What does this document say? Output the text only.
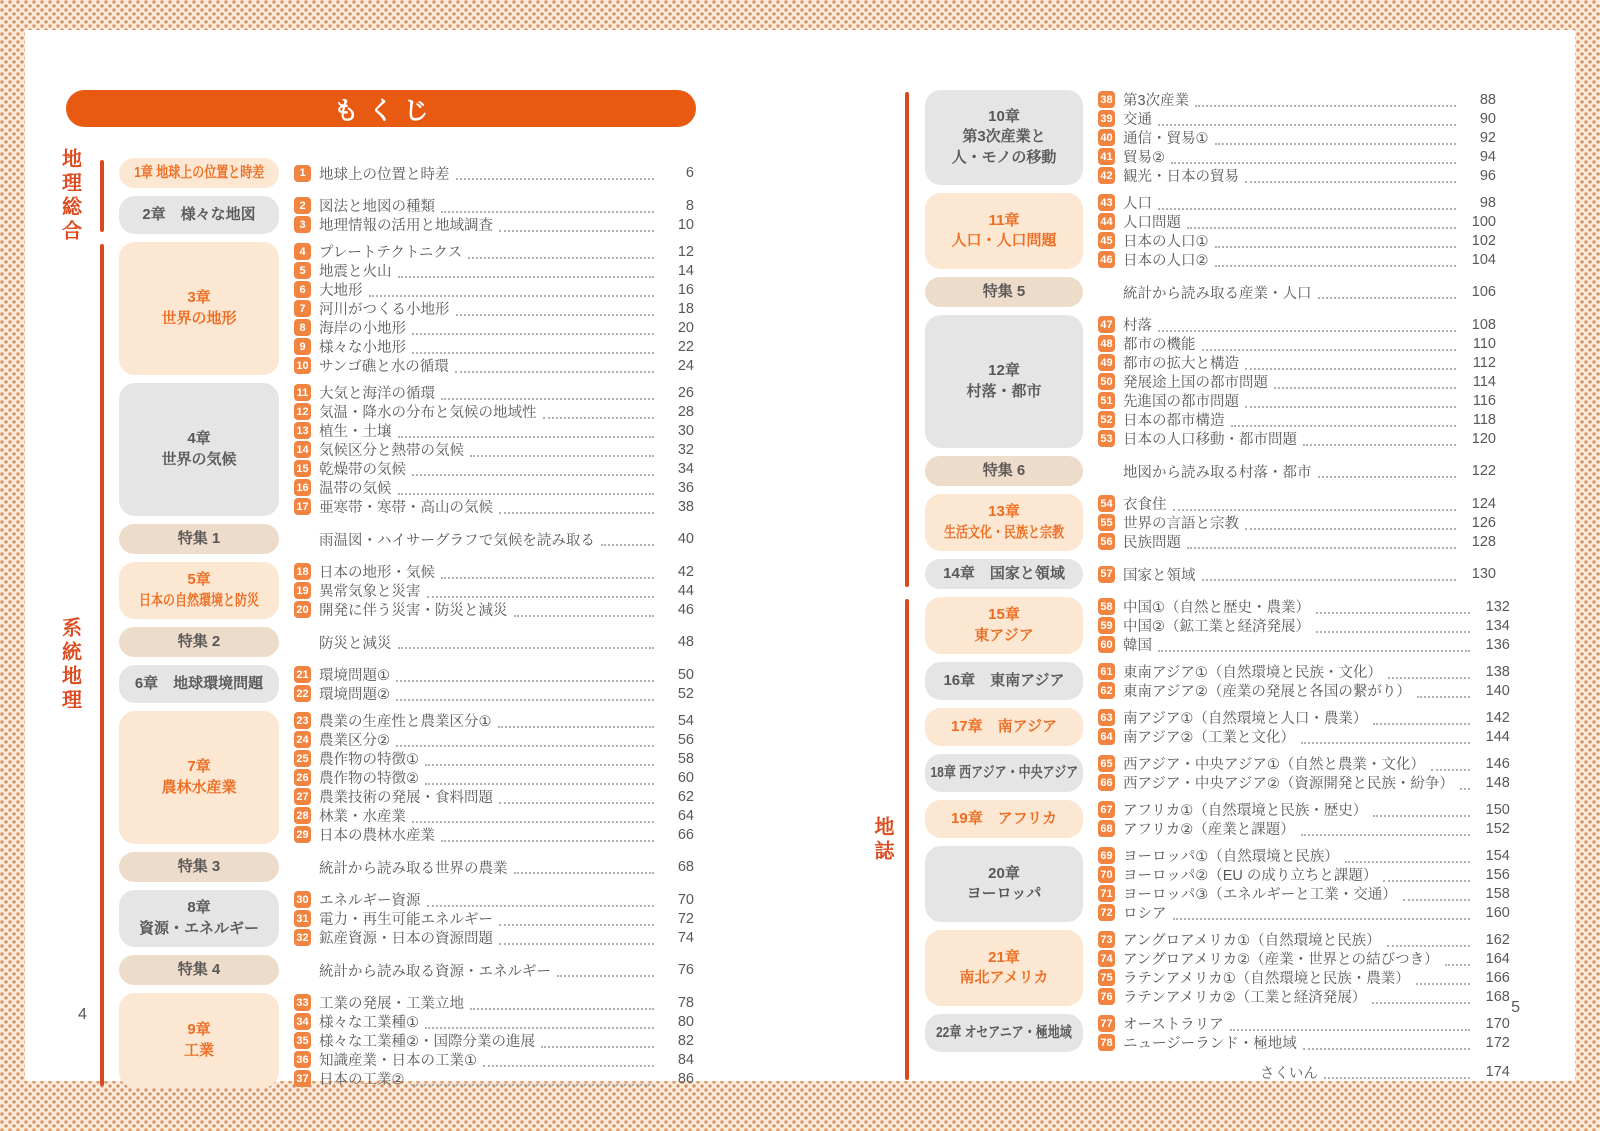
もくじ
地理総合	1章 地球上の位置と時差	1 地球上の位置と時差	6
2章　様々な地図
2 図法と地図の種類	8
3 地理情報の活用と地域調査	10
系統地理
3章
世界の地形
4 プレートテクトニクス	12
5 地震と火山	14
6 大地形	16
7 河川がつくる小地形	18
8 海岸の小地形	20
9 様々な小地形	22
10 サンゴ礁と水の循環	24
4章
世界の気候
11 大気と海洋の循環	26
12 気温・降水の分布と気候の地域性	28
13 植生・土壌	30
14 気候区分と熱帯の気候	32
15 乾燥帯の気候	34
16 温帯の気候	36
17 亜寒帯・寒帯・高山の気候	38
特集 1	雨温図・ハイサーグラフで気候を読み取る	40
5章
日本の自然環境と防災
18 日本の地形・気候	42
19 異常気象と災害	44
20 開発に伴う災害・防災と減災	46
特集 2	防災と減災	48
6章　地球環境問題
21 環境問題①	50
22 環境問題②	52
7章
農林水産業
23 農業の生産性と農業区分①	54
24 農業区分②	56
25 農作物の特徴①	58
26 農作物の特徴②	60
27 農業技術の発展・食料問題	62
28 林業・水産業	64
29 日本の農林水産業	66
特集 3	統計から読み取る世界の農業	68
8章
資源・エネルギー
30 エネルギー資源	70
31 電力・再生可能エネルギー	72
32 鉱産資源・日本の資源問題	74
特集 4	統計から読み取る資源・エネルギー	76
9章
工業
33 工業の発展・工業立地	78
34 様々な工業種①	80
35 様々な工業種②・国際分業の進展	82
36 知識産業・日本の工業①	84
37 日本の工業②	86
10章
第3次産業と
人・モノの移動
38 第3次産業	88
39 交通	90
40 通信・貿易①	92
41 貿易②	94
42 観光・日本の貿易	96
11章
人口・人口問題
43 人口	98
44 人口問題	100
45 日本の人口①	102
46 日本の人口②	104
特集 5	統計から読み取る産業・人口	106
12章
村落・都市
47 村落	108
48 都市の機能	110
49 都市の拡大と構造	112
50 発展途上国の都市問題	114
51 先進国の都市問題	116
52 日本の都市構造	118
53 日本の人口移動・都市問題	120
特集 6	地図から読み取る村落・都市	122
13章
生活文化・民族と宗教
54 衣食住	124
55 世界の言語と宗教	126
56 民族問題	128
14章　国家と領域	57 国家と領域	130
地誌
15章
東アジア
58 中国①（自然と歴史・農業）	132
59 中国②（鉱工業と経済発展）	134
60 韓国	136
16章　東南アジア
61 東南アジア①（自然環境と民族・文化）	138
62 東南アジア②（産業の発展と各国の繋がり）	140
17章　南アジア
63 南アジア①（自然環境と人口・農業）	142
64 南アジア②（工業と文化）	144
18章 西アジア・中央アジア
65 西アジア・中央アジア①（自然と農業・文化）	146
66 西アジア・中央アジア②（資源開発と民族・紛争）	148
19章　アフリカ
67 アフリカ①（自然環境と民族・歴史）	150
68 アフリカ②（産業と課題）	152
20章
ヨーロッパ
69 ヨーロッパ①（自然環境と民族）	154
70 ヨーロッパ②（EU の成り立ちと課題）	156
71 ヨーロッパ③（エネルギーと工業・交通）	158
72 ロシア	160
21章
南北アメリカ
73 アングロアメリカ①（自然環境と民族）	162
74 アングロアメリカ②（産業・世界との結びつき）	164
75 ラテンアメリカ①（自然環境と民族・農業）	166
76 ラテンアメリカ②（工業と経済発展）	168
22章 オセアニア・極地域
77 オーストラリア	170
78 ニュージーランド・極地域	172
さくいん	174
4	5
